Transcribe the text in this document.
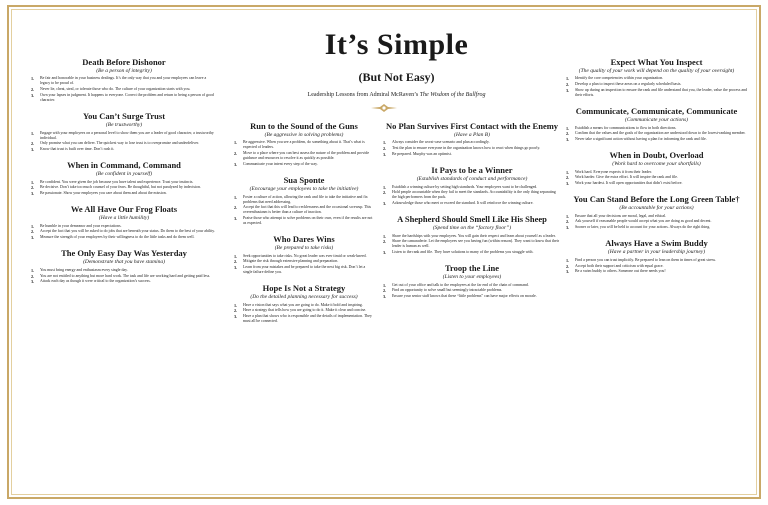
It’s Simple
(But Not Easy)
Leadership Lessons from Admiral McRaven’s The Wisdom of the Bullfrog
Death Before Dishonor
(Be a person of integrity)
1. Be fair and honorable in your business dealings. It’s the only way that you and your employees can leave a legacy to be proud of.
2. Never lie, cheat, steal, or tolerate those who do. The culture of your organization starts with you.
3. Own your lapses in judgment. It happens to everyone. Correct the problem and return to being a person of good character.
You Can’t Surge Trust
(Be trustworthy)
1. Engage with your employees on a personal level to show them you are a leader of good character, a trustworthy individual.
2. Only promise what you can deliver. The quickest way to lose trust is to overpromise and underdeliver.
3. Know that trust is built over time. Don’t rush it.
When in Command, Command
(Be confident in yourself)
1. Be confident. You were given the job because you have talent and experience. Trust your instincts.
2. Be decisive. Don’t take too much counsel of your fears. Be thoughtful, but not paralyzed by indecision.
3. Be passionate. Show your employees you care about them and about the mission.
We All Have Our Frog Floats
(Have a little humility)
1. Be humble in your demeanor and your expectations.
2. Accept the fact that you will be asked to do jobs that are beneath your status. Do them to the best of your ability.
3. Measure the strength of your employees by their willingness to do the little tasks and do them well.
The Only Easy Day Was Yesterday
(Demonstrate that you have stamina)
1. You must bring energy and enthusiasm every single day.
2. You are not entitled to anything but more hard work. The task and life are working hard and getting paid less.
3. Attack each day as though it were critical to the organization’s success.
Run to the Sound of the Guns
(Be aggressive in solving problems)
1. Be aggressive. When you see a problem, do something about it. That’s what is expected of leaders.
2. Move to a place where you can best assess the nature of the problem and provide guidance and resources to resolve it as quickly as possible.
3. Communicate your intent every step of the way.
Sua Sponte
(Encourage your employees to take the initiative)
1. Foster a culture of action, allowing the rank and file to take the initiative and fix problems that need addressing.
2. Accept the fact that this will lead to recklessness and the occasional screwup. This overenthusiasm is better than a culture of inaction.
3. Praise those who attempt to solve problems on their own, even if the results are not as expected.
Who Dares Wins
(Be prepared to take risks)
1. Seek opportunities to take risks. No great leader was ever timid or weak-kneed.
2. Mitigate the risk through extensive planning and preparation.
3. Learn from your mistakes and be prepared to take the next big risk. Don’t let a single failure define you.
Hope Is Not a Strategy
(Do the detailed planning necessary for success)
1. Have a vision that says what you are going to do. Make it bold and inspiring.
2. Have a strategy that tells how you are going to do it. Make it clear and concise.
3. Have a plan that shows who is responsible and the details of implementation. They must all be connected.
No Plan Survives First Contact with the Enemy
(Have a Plan B)
1. Always consider the worst-case scenario and plan accordingly.
2. Test the plan to ensure everyone in the organization knows how to react when things go poorly.
3. Be prepared. Murphy was an optimist.
It Pays to be a Winner
(Establish standards of conduct and performance)
1. Establish a winning culture by setting high standards. Your employees want to be challenged.
2. Hold people accountable when they fail to meet the standards. Accountability is the only thing separating the high performers from the pack.
3. Acknowledge those who meet or exceed the standard. It will reinforce the winning culture.
A Shepherd Should Smell Like His Sheep
(Spend time on the “factory floor”)
1. Share the hardships with your employees. You will gain their respect and learn about yourself as a leader.
2. Share the camaraderie. Let the employees see you having fun (within reason). They want to know that their leader is human as well.
3. Listen to the rank and file. They have solutions to many of the problems you struggle with.
Troop the Line
(Listen to your employees)
1. Get out of your office and talk to the employees at the far end of the chain of command.
2. Find an opportunity to solve small but seemingly intractable problems.
3. Ensure your senior staff knows that these “little problems” can have major effects on morale.
Expect What You Inspect
(The quality of your work will depend on the quality of your oversight)
1. Identify the core competencies within your organization.
2. Develop a plan to inspect these areas on a regularly scheduled basis.
3. Show up during an inspection to ensure the rank and file understand that you, the leader, value the process and their efforts.
Communicate, Communicate, Communicate
(Communicate your actions)
1. Establish a means for communications to flow in both directions.
2. Confirm that the values and the goals of the organization are understood down to the lowest-ranking member.
3. Never take a significant action without having a plan for informing the rank and file.
When in Doubt, Overload
(Work hard to overcome your shortfalls)
1. Work hard. Everyone expects it from their leader.
2. Work harder. Give the extra effort. It will inspire the rank and file.
3. Work your hardest. It will open opportunities that didn’t exist before.
You Can Stand Before the Long Green Table†
(Be accountable for your actions)
1. Ensure that all your decisions are moral, legal, and ethical.
2. Ask yourself if reasonable people would accept what you are doing as good and decent.
3. Sooner or later, you will be held to account for your actions. Always do the right thing.
Always Have a Swim Buddy
(Have a partner in your leadership journey)
1. Find a person you can trust implicitly. Be prepared to lean on them in times of great stress.
2. Accept both their support and criticism with equal grace.
3. Be a swim buddy to others. Someone out there needs you!
